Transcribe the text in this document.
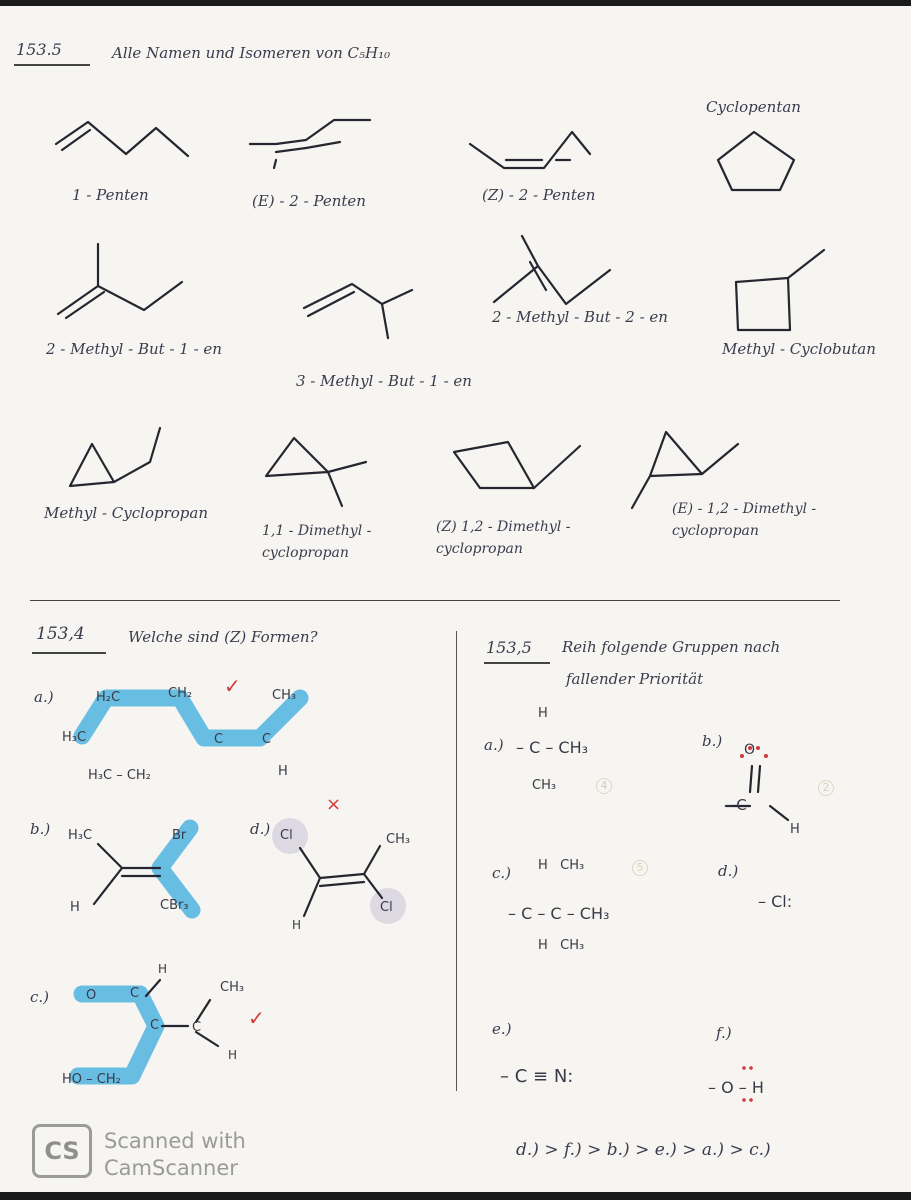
153.5	Alle Namen und Isomeren von C₅H₁₀
1 - Penten	(E) - 2 - Penten	(Z) - 2 - Penten
Cyclopentan
2 - Methyl - But - 1 - en
3 - Methyl - But - 1 - en
2 - Methyl - But - 2 - en
Methyl - Cyclobutan
Methyl - Cyclopropan
1,1 - Dimethyl - cyclopropan
(Z) 1,2 - Dimethyl - cyclopropan
(E) - 1,2 - Dimethyl - cyclopropan
153,4	Welche sind (Z) Formen?
a.)	H₂C	CH₂	CH₃
H₃C	C	C
H₃C – CH₂	H
✓
b.) H₃C	Br
H	CBr₃
d.) Cl	CH₃
H
Cl
×
c.)	O	C
H
CH₃
C	C
H
HO – CH₂
✓
153,5 Reih folgende Gruppen nach
fallender Priorität
a.)
H
– C – CH₃
CH₃	4
b.) O
– C
H
2
c.) H   CH₃
– C – C – CH₃
H   CH₃
5	d.)
– Cl:
e.)
– C ≡ N:
f.)
– O – H
d.) > f.) > b.) > e.) > a.) > c.)
CS	Scanned with
CamScanner
